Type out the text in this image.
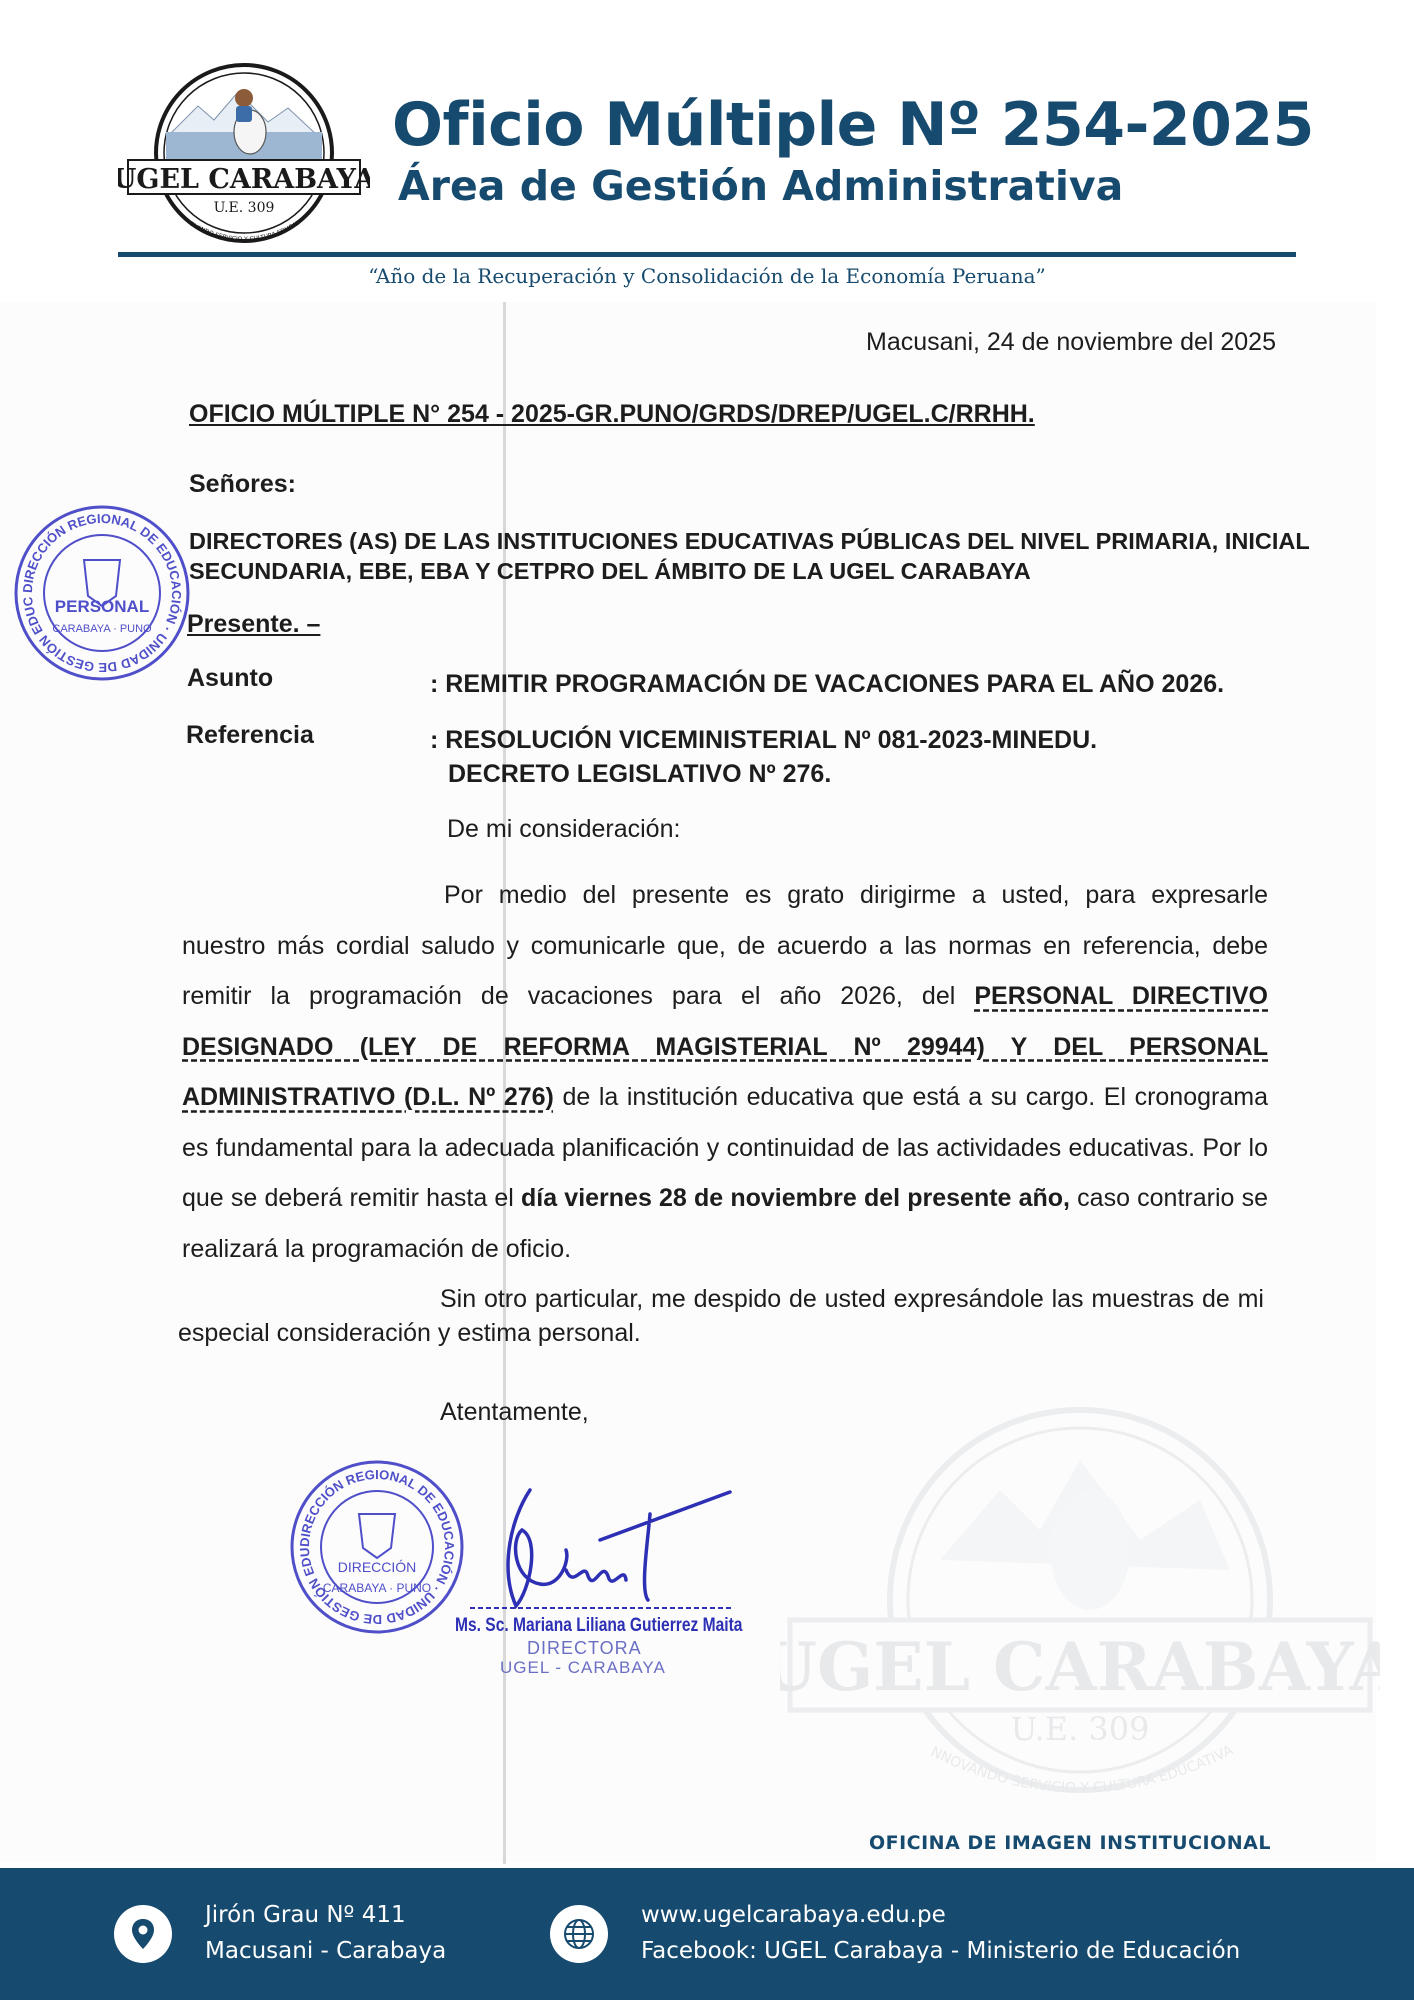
UGEL CARABAYA
U.E. 309
OVANDO SERVICIO Y CULTURA EDUCAT
Oficio Múltiple Nº 254-2025
Área de Gestión Administrativa
“Año de la Recuperación y Consolidación de la Economía Peruana”
Macusani, 24 de noviembre del 2025
OFICIO MÚLTIPLE N° 254 - 2025-GR.PUNO/GRDS/DREP/UGEL.C/RRHH.
Señores:
DIRECTORES (AS) DE LAS INSTITUCIONES EDUCATIVAS PÚBLICAS DEL NIVEL PRIMARIA, INICIAL
SECUNDARIA, EBE, EBA Y CETPRO DEL ÁMBITO DE LA UGEL CARABAYA
Presente. –
Asunto	: REMITIR PROGRAMACIÓN DE VACACIONES PARA EL AÑO 2026.
Referencia	: RESOLUCIÓN VICEMINISTERIAL Nº 081-2023-MINEDU.
DECRETO LEGISLATIVO Nº 276.
De mi consideración:

Por medio del presente es grato dirigirme a usted, para expresarle nuestro más cordial saludo y comunicarle que, de acuerdo a las normas en referencia, debe remitir la programación de vacaciones para el año 2026, del PERSONAL DIRECTIVO DESIGNADO (LEY DE REFORMA MAGISTERIAL Nº 29944) Y DEL PERSONAL ADMINISTRATIVO (D.L. Nº 276) de la institución educativa que está a su cargo. El cronograma es fundamental para la adecuada planificación y continuidad de las actividades educativas. Por lo que se deberá remitir hasta el día viernes 28 de noviembre del presente año, caso contrario se realizará la programación de oficio.

Sin otro particular, me despido de usted expresándole las muestras de mi especial consideración y estima personal.
Atentamente,
DIRECCIÓN REGIONAL DE EDUCACIÓN · UNIDAD DE GESTIÓN EDUC	PERSONAL
CARABAYA · PUNO
DIRECCIÓN REGIONAL DE EDUCACIÓN · UNIDAD DE GESTIÓN EDU
DIRECCIÓN
CARABAYA · PUNO
Ms. Sc. Mariana Liliana Gutierrez Maita
DIRECTORA
UGEL - CARABAYA UGEL CARABAYA
U.E. 309
NNOVANDO SERVICIO Y CULTURA EDUCATIVA
OFICINA DE IMAGEN INSTITUCIONAL
Jirón Grau Nº 411
Macusani - Carabaya
www.ugelcarabaya.edu.pe
Facebook: UGEL Carabaya - Ministerio de Educación
